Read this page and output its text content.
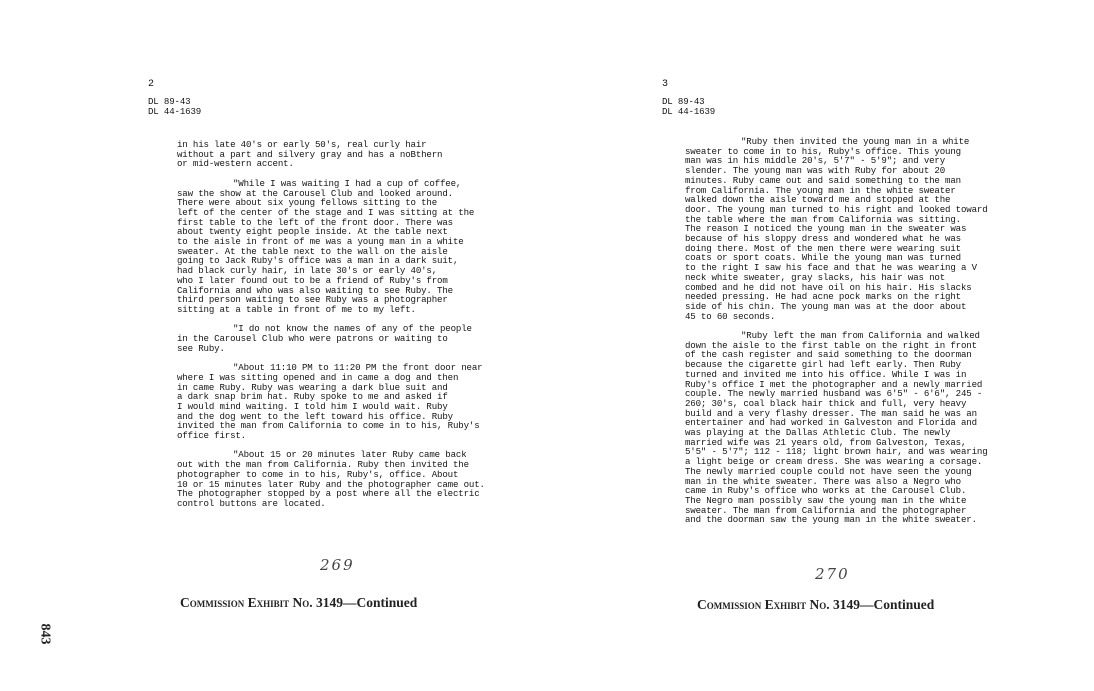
2
DL 89-43
DL 44-1639
in his late 40's or early 50's, real curly hair
without a part and silvery gray and has a noBthern
or mid-western accent.
"While I was waiting I had a cup of coffee,
saw the show at the Carousel Club and looked around.
There were about six young fellows sitting to the
left of the center of the stage and I was sitting at the
first table to the left of the front door. There was
about twenty eight people inside. At the table next
to the aisle in front of me was a young man in a white
sweater. At the table next to the wall on the aisle
going to Jack Ruby's office was a man in a dark suit,
had black curly hair, in late 30's or early 40's,
who I later found out to be a friend of Ruby's from
California and who was also waiting to see Ruby. The
third person waiting to see Ruby was a photographer
sitting at a table in front of me to my left.
"I do not know the names of any of the people
in the Carousel Club who were patrons or waiting to
see Ruby.
"About 11:10 PM to 11:20 PM the front door near
where I was sitting opened and in came a dog and then
in came Ruby. Ruby was wearing a dark blue suit and
a dark snap brim hat. Ruby spoke to me and asked if
I would mind waiting. I told him I would wait. Ruby
and the dog went to the left toward his office. Ruby
invited the man from California to come in to his, Ruby's
office first.
"About 15 or 20 minutes later Ruby came back
out with the man from California. Ruby then invited the
photographer to come in to his, Ruby's, office. About
10 or 15 minutes later Ruby and the photographer came out.
The photographer stopped by a post where all the electric
control buttons are located.
269
Commission Exhibit No. 3149—Continued
3
DL 89-43
DL 44-1639
"Ruby then invited the young man in a white
sweater to come in to his, Ruby's office. This young
man was in his middle 20's, 5'7" - 5'9"; and very
slender. The young man was with Ruby for about 20
minutes. Ruby came out and said something to the man
from California. The young man in the white sweater
walked down the aisle toward me and stopped at the
door. The young man turned to his right and looked toward
the table where the man from California was sitting.
The reason I noticed the young man in the sweater was
because of his sloppy dress and wondered what he was
doing there. Most of the men there were wearing suit
coats or sport coats. While the young man was turned
to the right I saw his face and that he was wearing a V
neck white sweater, gray slacks, his hair was not
combed and he did not have oil on his hair. His slacks
needed pressing. He had acne pock marks on the right
side of his chin. The young man was at the door about
45 to 60 seconds.
"Ruby left the man from California and walked
down the aisle to the first table on the right in front
of the cash register and said something to the doorman
because the cigarette girl had left early. Then Ruby
turned and invited me into his office. While I was in
Ruby's office I met the photographer and a newly married
couple. The newly married husband was 6'5" - 6'6", 245 -
260; 30's, coal black hair thick and full, very heavy
build and a very flashy dresser. The man said he was an
entertainer and had worked in Galveston and Florida and
was playing at the Dallas Athletic Club. The newly
married wife was 21 years old, from Galveston, Texas,
5'5" - 5'7"; 112 - 118; light brown hair, and was wearing
a light beige or cream dress. She was wearing a corsage.
The newly married couple could not have seen the young
man in the white sweater. There was also a Negro who
came in Ruby's office who works at the Carousel Club.
The Negro man possibly saw the young man in the white
sweater. The man from California and the photographer
and the doorman saw the young man in the white sweater.
270
Commission Exhibit No. 3149—Continued
843
